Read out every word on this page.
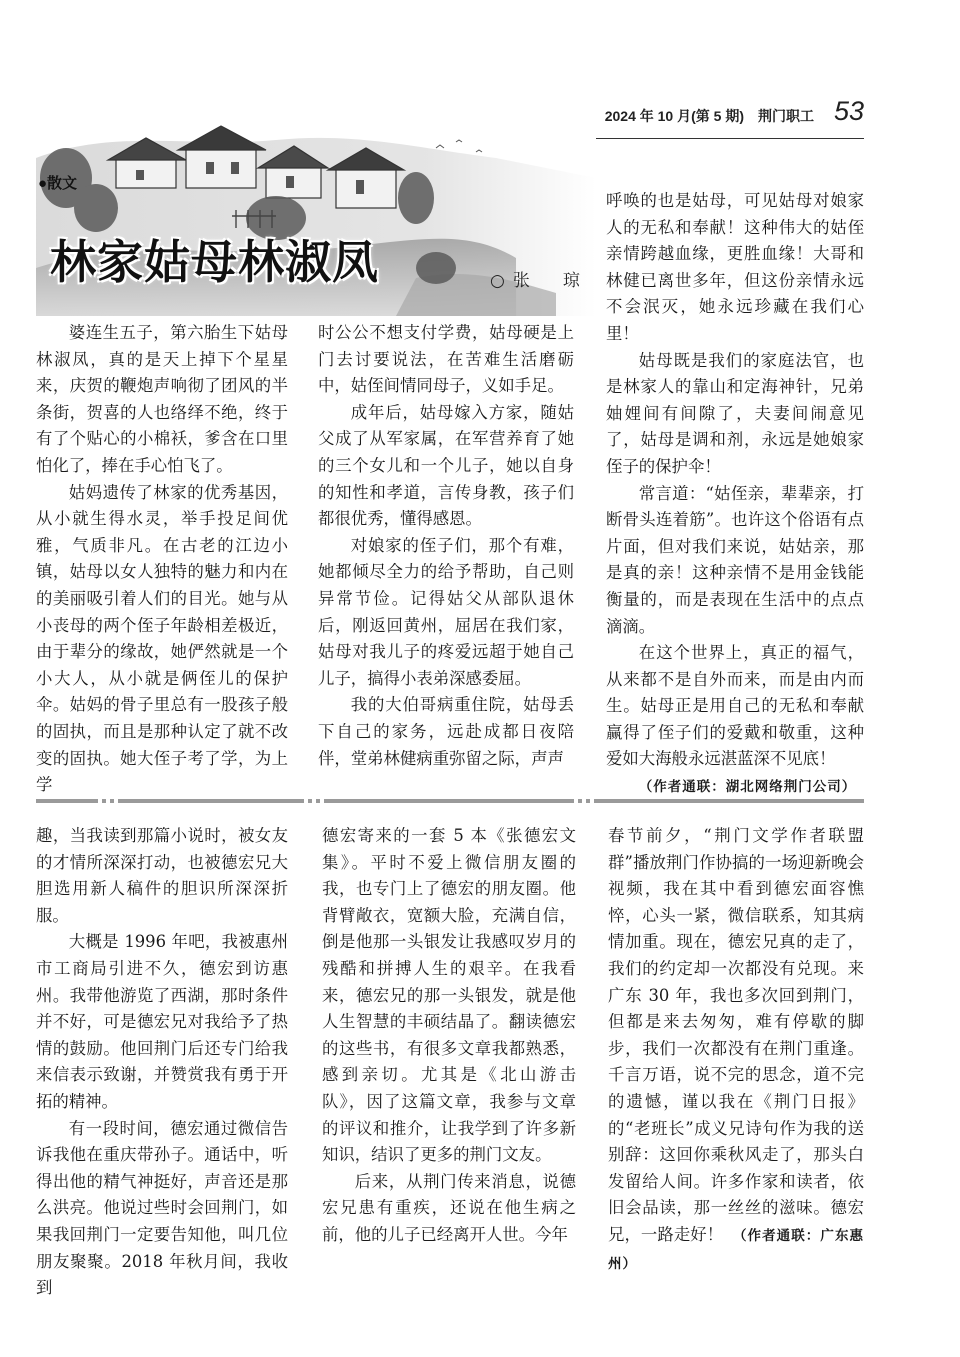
2024 年 10 月(第 5 期)　荆门职工 53
●散文
林家姑母林淑凤	○张　琼

婆连生五子，第六胎生下姑母林淑凤，真的是天上掉下个星星来，庆贺的鞭炮声响彻了团风的半条街，贺喜的人也络绎不绝，终于有了个贴心的小棉袄，爹含在口里怕化了，捧在手心怕飞了。

姑妈遗传了林家的优秀基因，从小就生得水灵，举手投足间优雅，气质非凡。在古老的江边小镇，姑母以女人独特的魅力和内在的美丽吸引着人们的目光。她与从小丧母的两个侄子年龄相差极近，由于辈分的缘故，她俨然就是一个小大人，从小就是俩侄儿的保护伞。姑妈的骨子里总有一股孩子般的固执，而且是那种认定了就不改变的固执。她大侄子考了学，为上学

时公公不想支付学费，姑母硬是上门去讨要说法，在苦难生活磨砺中，姑侄间情同母子，义如手足。

成年后，姑母嫁入方家，随姑父成了从军家属，在军营养育了她的三个女儿和一个儿子，她以自身的知性和孝道，言传身教，孩子们都很优秀，懂得感恩。

对娘家的侄子们，那个有难，她都倾尽全力的给予帮助，自己则异常节俭。记得姑父从部队退休后，刚返回黄州，屈居在我们家，姑母对我儿子的疼爱远超于她自己儿子，搞得小表弟深感委屈。

我的大伯哥病重住院，姑母丢下自己的家务，远赴成都日夜陪伴，堂弟林健病重弥留之际，声声

呼唤的也是姑母，可见姑母对娘家人的无私和奉献！这种伟大的姑侄亲情跨越血缘，更胜血缘！大哥和林健已离世多年，但这份亲情永远不会泯灭，她永远珍藏在我们心里！

姑母既是我们的家庭法官，也是林家人的靠山和定海神针，兄弟妯娌间有间隙了，夫妻间闹意见了，姑母是调和剂，永远是她娘家侄子的保护伞！

常言道：“姑侄亲，辈辈亲，打断骨头连着筋”。也许这个俗语有点片面，但对我们来说，姑姑亲，那是真的亲！这种亲情不是用金钱能衡量的，而是表现在生活中的点点滴滴。

在这个世界上，真正的福气，从来都不是自外而来，而是由内而生。姑母正是用自己的无私和奉献赢得了侄子们的爱戴和敬重，这种爱如大海般永远湛蓝深不见底！

（作者通联：湖北网络荆门公司）

趣，当我读到那篇小说时，被女友的才情所深深打动，也被德宏兄大胆选用新人稿件的胆识所深深折服。

大概是 1996 年吧，我被惠州市工商局引进不久，德宏到访惠州。我带他游览了西湖，那时条件并不好，可是德宏兄对我给予了热情的鼓励。他回荆门后还专门给我来信表示致谢，并赞赏我有勇于开拓的精神。

有一段时间，德宏通过微信告诉我他在重庆带孙子。通话中，听得出他的精气神挺好，声音还是那么洪亮。他说过些时会回荆门，如果我回荆门一定要告知他，叫几位朋友聚聚。2018 年秋月间，我收到

德宏寄来的一套 5 本《张德宏文集》。平时不爱上微信朋友圈的我，也专门上了德宏的朋友圈。他背臂敞衣，宽额大脸，充满自信，倒是他那一头银发让我感叹岁月的残酷和拼搏人生的艰辛。在我看来，德宏兄的那一头银发，就是他人生智慧的丰硕结晶了。翻读德宏的这些书，有很多文章我都熟悉，感到亲切。尤其是《北山游击队》，因了这篇文章，我参与文章的评议和推介，让我学到了许多新知识，结识了更多的荆门文友。

后来，从荆门传来消息，说德宏兄患有重疾，还说在他生病之前，他的儿子已经离开人世。今年

春节前夕，“荆门文学作者联盟群”播放荆门作协搞的一场迎新晚会视频，我在其中看到德宏面容憔悴，心头一紧，微信联系，知其病情加重。现在，德宏兄真的走了，我们的约定却一次都没有兑现。来广东 30 年，我也多次回到荆门，但都是来去匆匆，难有停歇的脚步，我们一次都没有在荆门重逢。千言万语，说不完的思念，道不完的遗憾，谨以我在《荆门日报》的“老班长”成义兄诗句作为我的送别辞：这回你乘秋风走了，那头白发留给人间。许多作家和读者，依旧会品读，那一丝丝的滋味。德宏兄，一路走好！　 （作者通联：广东惠州）
